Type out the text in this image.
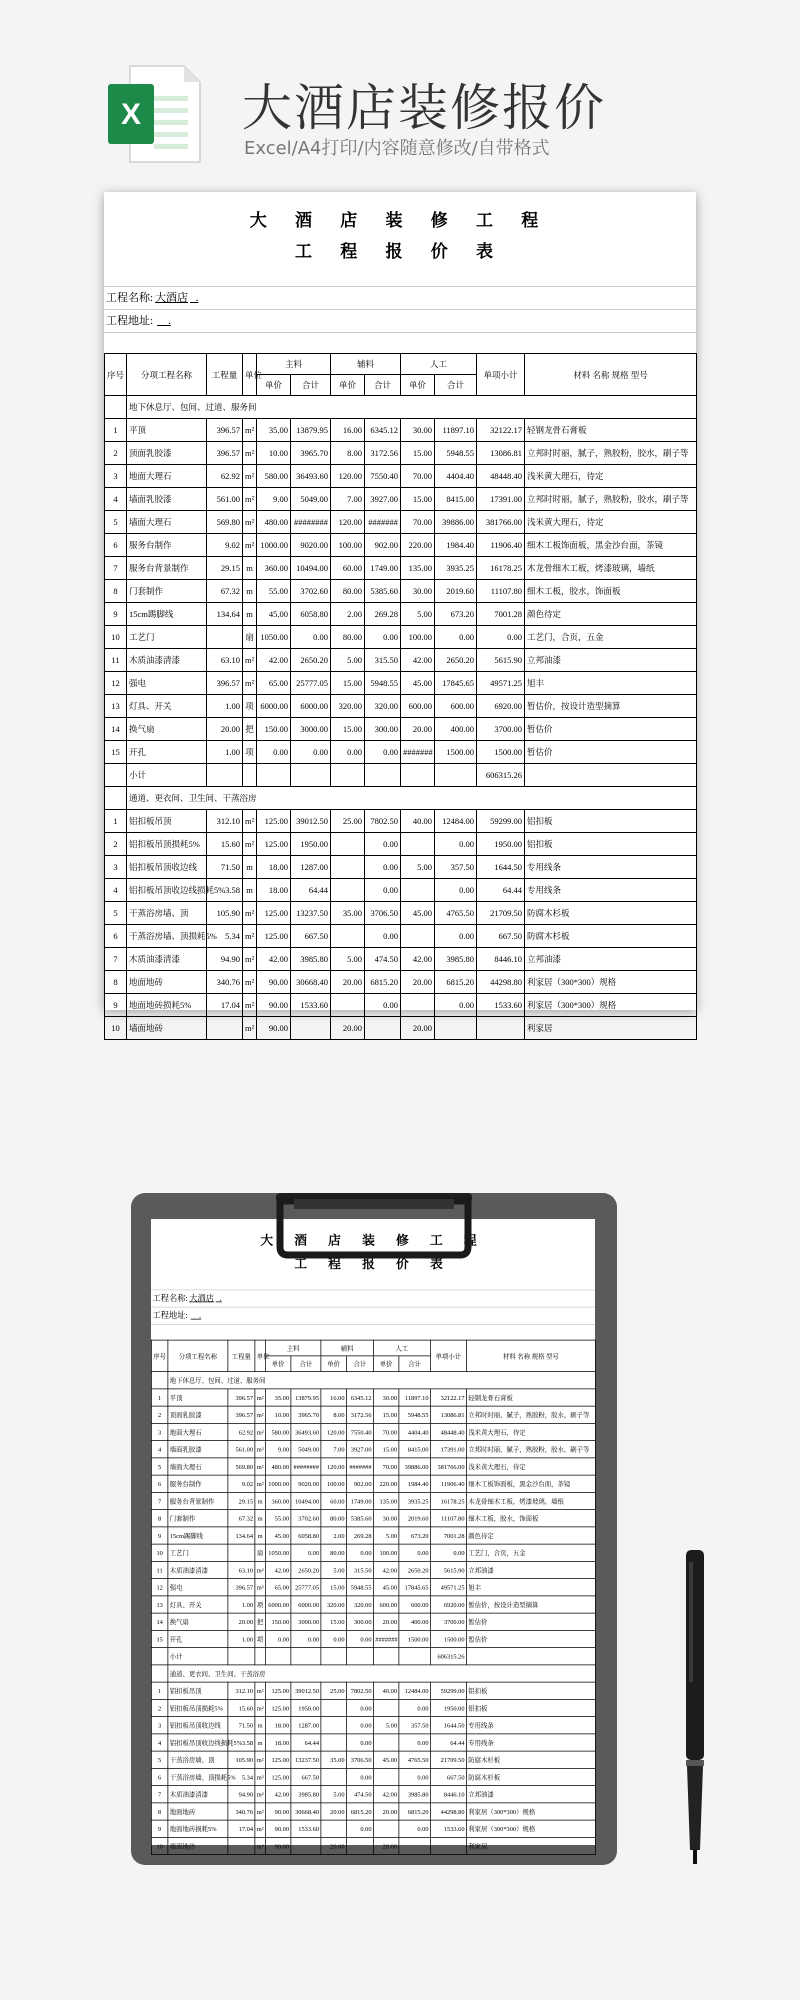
X 大酒店装修报价
Excel/A4打印/内容随意修改/自带格式
大 酒 店 装 修 工 程
工 程 报 价 表
工程名称: 大酒店  .
工程地址:    .
序号	分项工程名称	工程量	单位	主料		辅料		人工		单项小计	材料 名称 规格 型号
				单价	合计	单价	合计	单价	合计		
	地下休息厅、包间、过道、服务间										
1	平顶	396.57	m²	35.00	13879.95	16.00	6345.12	30.00	11897.10	32122.17	轻钢龙骨石膏板
2	顶面乳胶漆	396.57	m²	10.00	3965.70	8.00	3172.56	15.00	5948.55	13086.81	立邦时时丽，腻子，熟胶粉，胶水，刷子等
3	地面大理石	62.92	m²	580.00	36493.60	120.00	7550.40	70.00	4404.40	48448.40	浅米黄大理石，待定
4	墙面乳胶漆	561.00	m²	9.00	5049.00	7.00	3927.00	15.00	8415.00	17391.00	立邦时时丽，腻子，熟胶粉，胶水，刷子等
5	墙面大理石	569.80	m²	480.00	########	120.00	#######	70.00	39886.00	381766.00	浅米黄大理石，待定
6	服务台制作	9.02	m²	1000.00	9020.00	100.00	902.00	220.00	1984.40	11906.40	细木工板饰面板，黑金沙台面，茶镜
7	服务台背景制作	29.15	m	360.00	10494.00	60.00	1749.00	135.00	3935.25	16178.25	木龙骨细木工板，烤漆玻璃，墙纸
8	门套制作	67.32	m	55.00	3702.60	80.00	5385.60	30.00	2019.60	11107.80	细木工板，胶水，饰面板
9	15cm踢脚线	134.64	m	45.00	6058.80	2.00	269.28	5.00	673.20	7001.28	颜色待定
10	工艺门		扇	1050.00	0.00	80.00	0.00	100.00	0.00	0.00	工艺门，合页，五金
11	木质油漆清漆	63.10	m²	42.00	2650.20	5.00	315.50	42.00	2650.20	5615.90	立邦油漆
12	强电	396.57	m²	65.00	25777.05	15.00	5948.55	45.00	17845.65	49571.25	旭丰
13	灯具、开关	1.00	项	6000.00	6000.00	320.00	320.00	600.00	600.00	6920.00	暂估价，按设计造型摘算
14	换气扇	20.00	把	150.00	3000.00	15.00	300.00	20.00	400.00	3700.00	暂估价
15	开孔	1.00	项	0.00	0.00	0.00	0.00	#######	1500.00	1500.00	暂估价
	小计									606315.26	
	通道、更衣间、卫生间、干蒸浴房										
1	铝扣板吊顶	312.10	m²	125.00	39012.50	25.00	7802.50	40.00	12484.00	59299.00	铝扣板
2	铝扣板吊顶损耗5%	15.60	m²	125.00	1950.00		0.00		0.00	1950.00	铝扣板
3	铝扣板吊顶收边线	71.50	m	18.00	1287.00		0.00	5.00	357.50	1644.50	专用线条
4	铝扣板吊顶收边线损耗5%	3.58	m	18.00	64.44		0.00		0.00	64.44	专用线条
5	干蒸浴房墙、顶	105.90	m²	125.00	13237.50	35.00	3706.50	45.00	4765.50	21709.50	防腐木杉板
6	干蒸浴房墙、顶损耗5%	5.34	m²	125.00	667.50		0.00		0.00	667.50	防腐木杉板
7	木质油漆清漆	94.90	m²	42.00	3985.80	5.00	474.50	42.00	3985.80	8446.10	立邦油漆
8	地面地砖	340.76	m²	90.00	30668.40	20.00	6815.20	20.00	6815.20	44298.80	利家居（300*300）规格
9	地面地砖损耗5%	17.04	m²	90.00	1533.60		0.00		0.00	1533.60	利家居（300*300）规格
10	墙面地砖		m²	90.00		20.00		20.00			利家居
大 酒 店 装 修 工 程
工 程 报 价 表
工程名称: 大酒店  .
工程地址:    .
序号	分项工程名称	工程量	单位	主料		辅料		人工		单项小计	材料 名称 规格 型号
				单价	合计	单价	合计	单价	合计		
	地下休息厅、包间、过道、服务间										
1	平顶	396.57	m²	35.00	13879.95	16.00	6345.12	30.00	11897.10	32122.17	轻钢龙骨石膏板
2	顶面乳胶漆	396.57	m²	10.00	3965.70	8.00	3172.56	15.00	5948.55	13086.81	立邦时时丽，腻子，熟胶粉，胶水，刷子等
3	地面大理石	62.92	m²	580.00	36493.60	120.00	7550.40	70.00	4404.40	48448.40	浅米黄大理石，待定
4	墙面乳胶漆	561.00	m²	9.00	5049.00	7.00	3927.00	15.00	8415.00	17391.00	立邦时时丽，腻子，熟胶粉，胶水，刷子等
5	墙面大理石	569.80	m²	480.00	########	120.00	#######	70.00	39886.00	381766.00	浅米黄大理石，待定
6	服务台制作	9.02	m²	1000.00	9020.00	100.00	902.00	220.00	1984.40	11906.40	细木工板饰面板，黑金沙台面，茶镜
7	服务台背景制作	29.15	m	360.00	10494.00	60.00	1749.00	135.00	3935.25	16178.25	木龙骨细木工板，烤漆玻璃，墙纸
8	门套制作	67.32	m	55.00	3702.60	80.00	5385.60	30.00	2019.60	11107.80	细木工板，胶水，饰面板
9	15cm踢脚线	134.64	m	45.00	6058.80	2.00	269.28	5.00	673.20	7001.28	颜色待定
10	工艺门		扇	1050.00	0.00	80.00	0.00	100.00	0.00	0.00	工艺门，合页，五金
11	木质油漆清漆	63.10	m²	42.00	2650.20	5.00	315.50	42.00	2650.20	5615.90	立邦油漆
12	强电	396.57	m²	65.00	25777.05	15.00	5948.55	45.00	17845.65	49571.25	旭丰
13	灯具、开关	1.00	项	6000.00	6000.00	320.00	320.00	600.00	600.00	6920.00	暂估价，按设计造型摘算
14	换气扇	20.00	把	150.00	3000.00	15.00	300.00	20.00	400.00	3700.00	暂估价
15	开孔	1.00	项	0.00	0.00	0.00	0.00	#######	1500.00	1500.00	暂估价
	小计									606315.26	
	通道、更衣间、卫生间、干蒸浴房										
1	铝扣板吊顶	312.10	m²	125.00	39012.50	25.00	7802.50	40.00	12484.00	59299.00	铝扣板
2	铝扣板吊顶损耗5%	15.60	m²	125.00	1950.00		0.00		0.00	1950.00	铝扣板
3	铝扣板吊顶收边线	71.50	m	18.00	1287.00		0.00	5.00	357.50	1644.50	专用线条
4	铝扣板吊顶收边线损耗5%	3.58	m	18.00	64.44		0.00		0.00	64.44	专用线条
5	干蒸浴房墙、顶	105.90	m²	125.00	13237.50	35.00	3706.50	45.00	4765.50	21709.50	防腐木杉板
6	干蒸浴房墙、顶损耗5%	5.34	m²	125.00	667.50		0.00		0.00	667.50	防腐木杉板
7	木质油漆清漆	94.90	m²	42.00	3985.80	5.00	474.50	42.00	3985.80	8446.10	立邦油漆
8	地面地砖	340.76	m²	90.00	30668.40	20.00	6815.20	20.00	6815.20	44298.80	利家居（300*300）规格
9	地面地砖损耗5%	17.04	m²	90.00	1533.60		0.00		0.00	1533.60	利家居（300*300）规格
10	墙面地砖		m²	90.00		20.00		20.00			利家居
